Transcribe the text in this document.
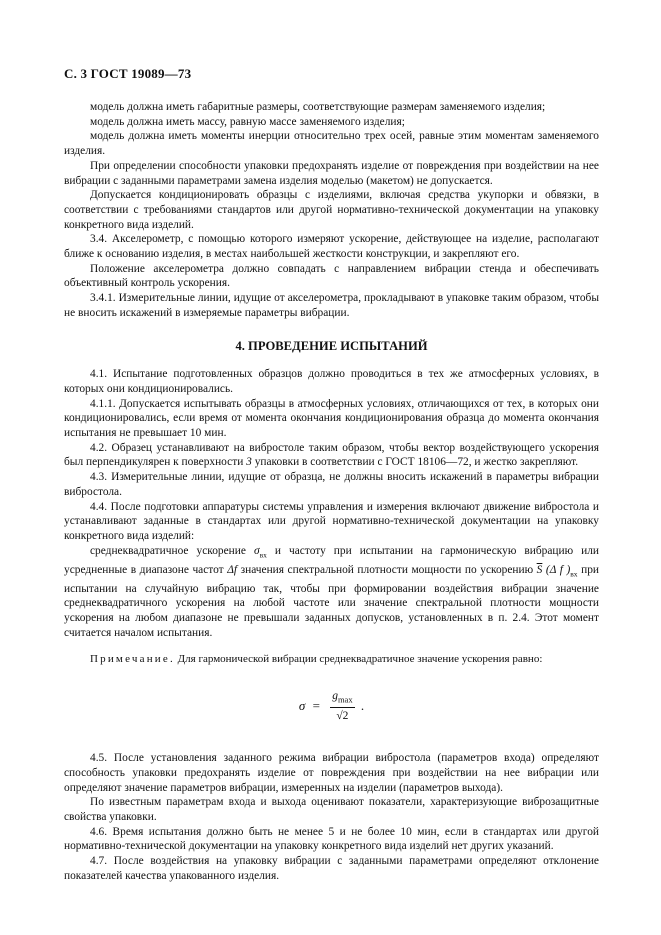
С. 3 ГОСТ 19089—73

модель должна иметь габаритные размеры, соответствующие размерам заменяемого изделия;

модель должна иметь массу, равную массе заменяемого изделия;

модель должна иметь моменты инерции относительно трех осей, равные этим моментам заменяемого изделия.

При определении способности упаковки предохранять изделие от повреждения при воздействии на нее вибрации с заданными параметрами замена изделия моделью (макетом) не допускается.

Допускается кондиционировать образцы с изделиями, включая средства укупорки и обвязки, в соответствии с требованиями стандартов или другой нормативно-технической документации на упаковку конкретного вида изделий.

3.4. Акселерометр, с помощью которого измеряют ускорение, действующее на изделие, располагают ближе к основанию изделия, в местах наибольшей жесткости конструкции, и закрепляют его.

Положение акселерометра должно совпадать с направлением вибрации стенда и обеспечивать объективный контроль ускорения.

3.4.1. Измерительные линии, идущие от акселерометра, прокладывают в упаковке таким образом, чтобы не вносить искажений в измеряемые параметры вибрации.

4. ПРОВЕДЕНИЕ ИСПЫТАНИЙ

4.1. Испытание подготовленных образцов должно проводиться в тех же атмосферных условиях, в которых они кондиционировались.

4.1.1. Допускается испытывать образцы в атмосферных условиях, отличающихся от тех, в которых они кондиционировались, если время от момента окончания кондиционирования образца до момента окончания испытания не превышает 10 мин.

4.2. Образец устанавливают на вибростоле таким образом, чтобы вектор воздействующего ускорения был перпендикулярен к поверхности 3 упаковки в соответствии с ГОСТ 18106—72, и жестко закрепляют.

4.3. Измерительные линии, идущие от образца, не должны вносить искажений в параметры вибрации вибростола.

4.4. После подготовки аппаратуры системы управления и измерения включают движение вибростола и устанавливают заданные в стандартах или другой нормативно-технической документации на упаковку конкретного вида изделий:

среднеквадратичное ускорение $\sigma_{вх}$ и частоту при испытании на гармоническую вибрацию или усредненные в диапазоне частот Δf значения спектральной плотности мощности по ускорению $\overline{S}$ (Δ f )$_{вх}$ при испытании на случайную вибрацию так, чтобы при формировании воздействия вибрации значение среднеквадратичного ускорения на любой частоте или значение спектральной плотности мощности ускорения на любом диапазоне не превышали заданных допусков, установленных в п. 2.4. Этот момент считается началом испытания.

Примечание. Для гармонической вибрации среднеквадратичное значение ускорения равно:

$\sigma = \frac{g_{max}}{√2}$ .

4.5. После установления заданного режима вибрации вибростола (параметров входа) определяют способность упаковки предохранять изделие от повреждения при воздействии на нее вибрации или определяют значение параметров вибрации, измеренных на изделии (параметров выхода).

По известным параметрам входа и выхода оценивают показатели, характеризующие виброзащитные свойства упаковки.

4.6. Время испытания должно быть не менее 5 и не более 10 мин, если в стандартах или другой нормативно-технической документации на упаковку конкретного вида изделий нет других указаний.

4.7. После воздействия на упаковку вибрации с заданными параметрами определяют отклонение показателей качества упакованного изделия.
